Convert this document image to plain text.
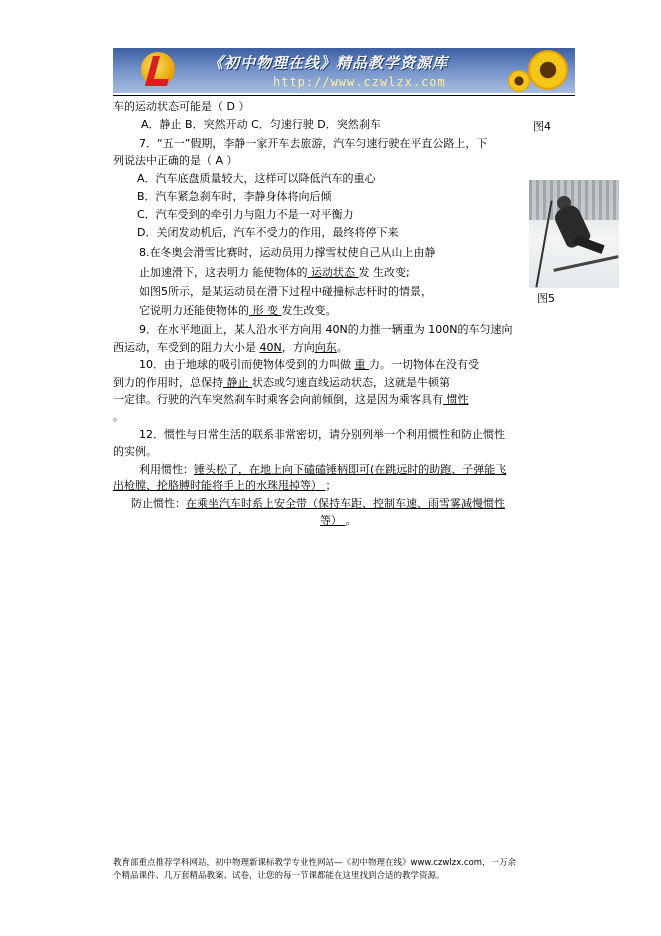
《初中物理在线》精品教学资源库
http://www.czwlzx.com
车的运动状态可能是（ D ）
A．静止 B．突然开动 C．匀速行驶 D．突然刹车	图4
7．“五一”假期，李静一家开车去旅游，汽车匀速行驶在平直公路上，下
列说法中正确的是（ A ）
A．汽车底盘质量较大，这样可以降低汽车的重心
B．汽车紧急刹车时，李静身体将向后倾
C．汽车受到的牵引力与阻力不是一对平衡力
D．关闭发动机后，汽车不受力的作用，最终将停下来
8.在冬奥会滑雪比赛时，运动员用力撑雪杖使自己从山上由静
止加速滑下，这表明力 能使物体的 运动状态 发 生改变;
如图5所示，是某运动员在滑下过程中碰撞标志杆时的情景，
图5
它说明力还能使物体的 形 变 发生改变。
9．在水平地面上，某人沿水平方向用 40N的力推一辆重为 100N的车匀速向
西运动，车受到的阻力大小是 40N，方向向东。
10．由于地球的吸引而使物体受到的力叫做 重 力。一切物体在没有受
到力的作用时，总保持 静止 状态或匀速直线运动状态，这就是牛顿第
一定律。行驶的汽车突然刹车时乘客会向前倾倒，这是因为乘客具有 惯性
。
12．惯性与日常生活的联系非常密切，请分别列举一个利用惯性和防止惯性
的实例。
利用惯性：锤头松了，在地上向下磕磕锤柄即可(在跳远时的助跑、子弹能飞
出枪膛、抡胳膊时能将手上的水珠甩掉等） ；
防止惯性：在乘坐汽车时系上安全带（保持车距、控制车速、雨雪雾减慢惯性
等） 。
教育部重点推荐学科网站，初中物理新课标教学专业性网站—《初中物理在线》www.czwlzx.com，一万余
个精品课件、几万套精品教案、试卷，让您的每一节课都能在这里找到合适的教学资源。
